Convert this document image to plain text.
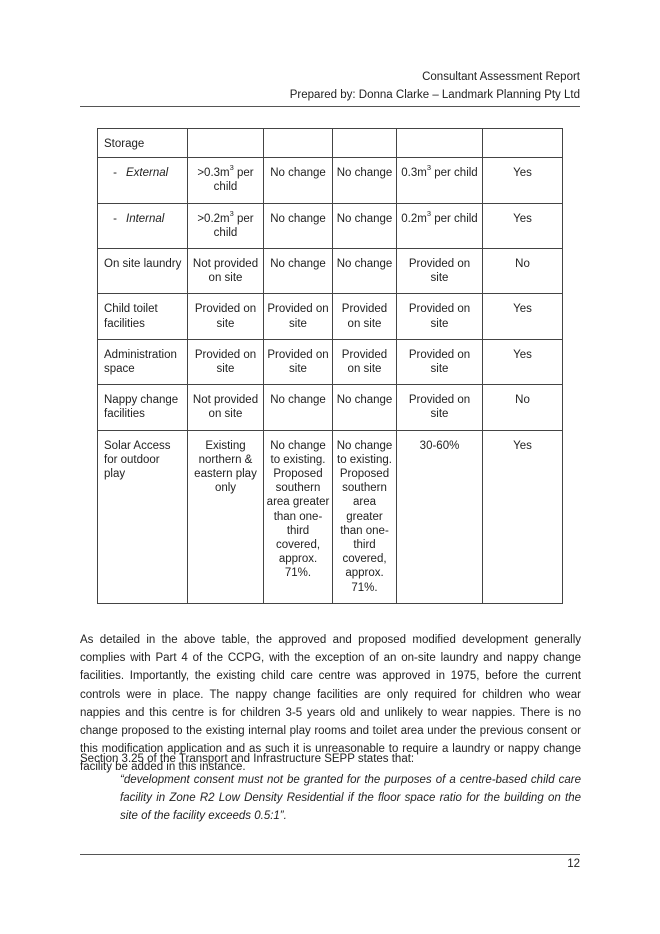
Consultant Assessment Report
Prepared by: Donna Clarke – Landmark Planning Pty Ltd
Storage					
- External	$>0.3m^3$ per child	No change	No change	$0.3m^3$ per child	Yes
- Internal	$>0.2m^3$ per child	No change	No change	$0.2m^3$ per child	Yes
On site laundry	Not provided on site	No change	No change	Provided on site	No
Child toilet facilities	Provided on site	Provided on site	Provided on site	Provided on site	Yes
Administration space	Provided on site	Provided on site	Provided on site	Provided on site	Yes
Nappy change facilities	Not provided on site	No change	No change	Provided on site	No
Solar Access for outdoor play	Existing northern & eastern play only	No change to existing. Proposed southern area greater than one-third covered, approx. 71%.	No change to existing. Proposed southern area greater than one-third covered, approx. 71%.	30-60%	Yes

As detailed in the above table, the approved and proposed modified development generally complies with Part 4 of the CCPG, with the exception of an on-site laundry and nappy change facilities. Importantly, the existing child care centre was approved in 1975, before the current controls were in place. The nappy change facilities are only required for children who wear nappies and this centre is for children 3-5 years old and unlikely to wear nappies. There is no change proposed to the existing internal play rooms and toilet area under the previous consent or this modification application and as such it is unreasonable to require a laundry or nappy change facility be added in this instance.

Section 3.25 of the Transport and Infrastructure SEPP states that:

“development consent must not be granted for the purposes of a centre-based child care facility in Zone R2 Low Density Residential if the floor space ratio for the building on the site of the facility exceeds 0.5:1”.

12
